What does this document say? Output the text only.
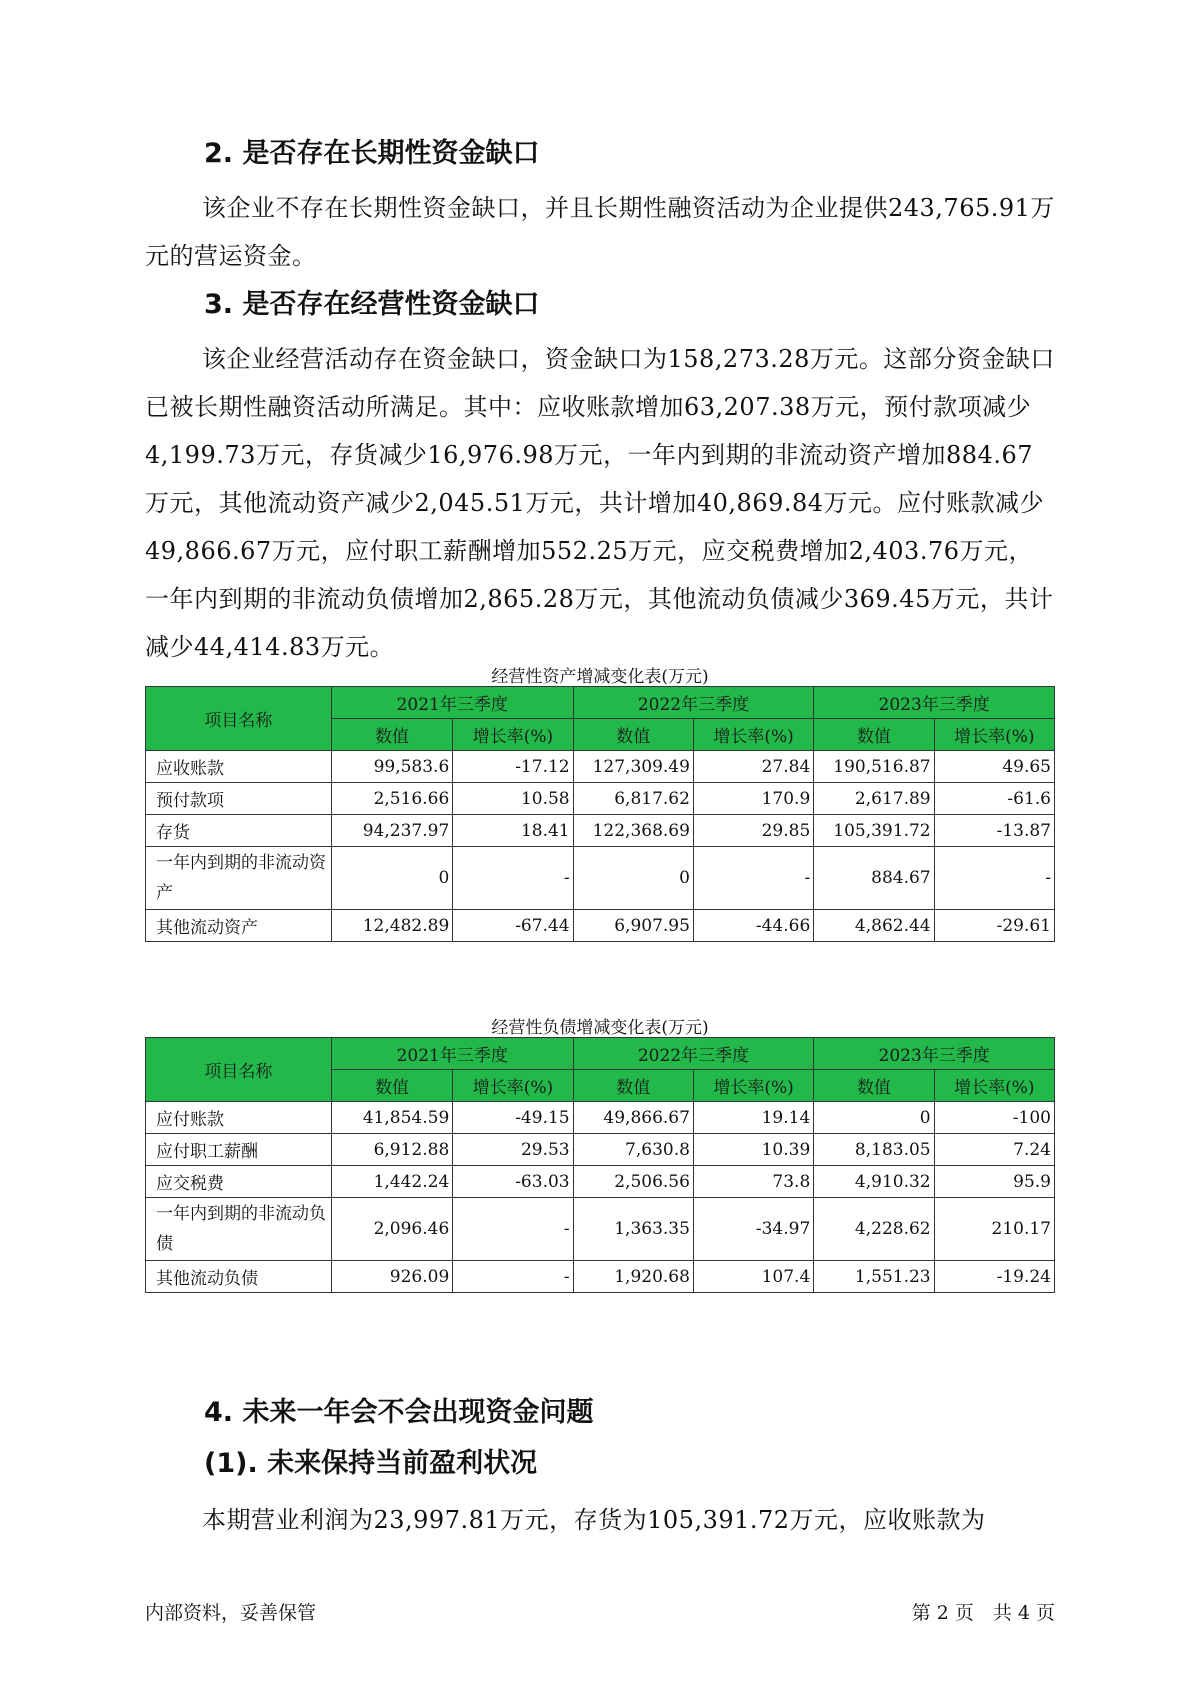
2. 是否存在长期性资金缺口

该企业不存在长期性资金缺口，并且长期性融资活动为企业提供243,765.91万元的营运资金。

3. 是否存在经营性资金缺口

该企业经营活动存在资金缺口，资金缺口为158,273.28万元。这部分资金缺口已被长期性融资活动所满足。其中：应收账款增加63,207.38万元，预付款项减少4,199.73万元，存货减少16,976.98万元，一年内到期的非流动资产增加884.67万元，其他流动资产减少2,045.51万元，共计增加40,869.84万元。应付账款减少49,866.67万元，应付职工薪酬增加552.25万元，应交税费增加2,403.76万元，一年内到期的非流动负债增加2,865.28万元，其他流动负债减少369.45万元，共计减少44,414.83万元。

经营性资产增减变化表(万元)

项目名称	2021年三季度		2022年三季度		2023年三季度	
	数值	增长率(%)	数值	增长率(%)	数值	增长率(%)
应收账款	99,583.6	-17.12	127,309.49	27.84	190,516.87	49.65
预付款项	2,516.66	10.58	6,817.62	170.9	2,617.89	-61.6
存货	94,237.97	18.41	122,368.69	29.85	105,391.72	-13.87
一年内到期的非流动资产	0	-	0	-	884.67	-
其他流动资产	12,482.89	-67.44	6,907.95	-44.66	4,862.44	-29.61

经营性负债增减变化表(万元)

项目名称	2021年三季度		2022年三季度		2023年三季度	
	数值	增长率(%)	数值	增长率(%)	数值	增长率(%)
应付账款	41,854.59	-49.15	49,866.67	19.14	0	-100
应付职工薪酬	6,912.88	29.53	7,630.8	10.39	8,183.05	7.24
应交税费	1,442.24	-63.03	2,506.56	73.8	4,910.32	95.9
一年内到期的非流动负债	2,096.46	-	1,363.35	-34.97	4,228.62	210.17
其他流动负债	926.09	-	1,920.68	107.4	1,551.23	-19.24
4. 未来一年会不会出现资金问题
(1). 未来保持当前盈利状况

本期营业利润为23,997.81万元，存货为105,391.72万元，应收账款为

内部资料，妥善保管	第 2 页　共 4 页
